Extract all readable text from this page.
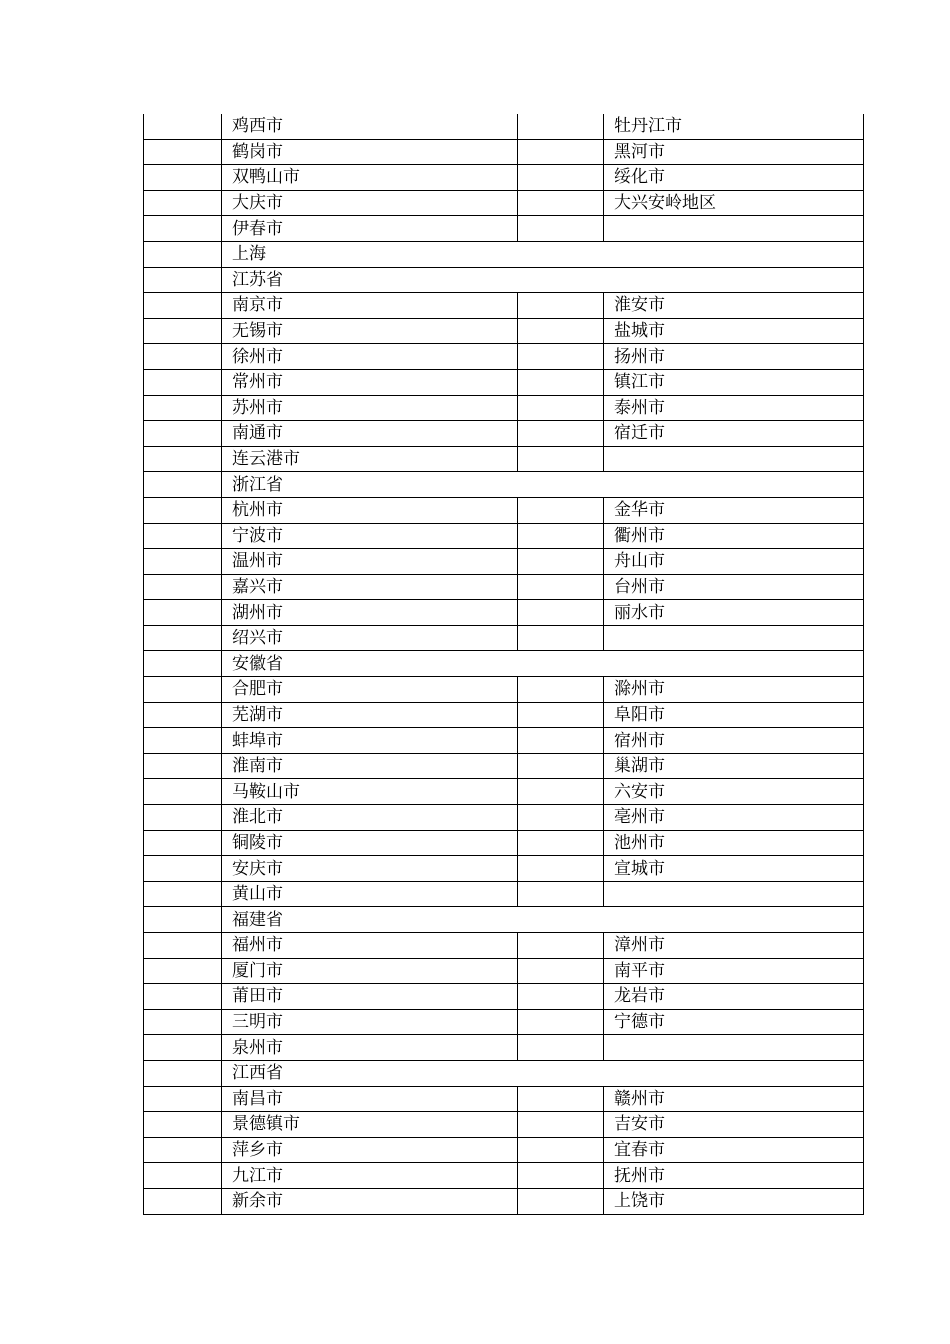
	鸡西市		牡丹江市
	鹤岗市		黑河市
	双鸭山市		绥化市
	大庆市		大兴安岭地区
	伊春市		
	上海		
	江苏省		
	南京市		淮安市
	无锡市		盐城市
	徐州市		扬州市
	常州市		镇江市
	苏州市		泰州市
	南通市		宿迁市
	连云港市		
	浙江省		
	杭州市		金华市
	宁波市		衢州市
	温州市		舟山市
	嘉兴市		台州市
	湖州市		丽水市
	绍兴市		
	安徽省		
	合肥市		滁州市
	芜湖市		阜阳市
	蚌埠市		宿州市
	淮南市		巢湖市
	马鞍山市		六安市
	淮北市		亳州市
	铜陵市		池州市
	安庆市		宣城市
	黄山市		
	福建省		
	福州市		漳州市
	厦门市		南平市
	莆田市		龙岩市
	三明市		宁德市
	泉州市		
	江西省		
	南昌市		赣州市
	景德镇市		吉安市
	萍乡市		宜春市
	九江市		抚州市
	新余市		上饶市
